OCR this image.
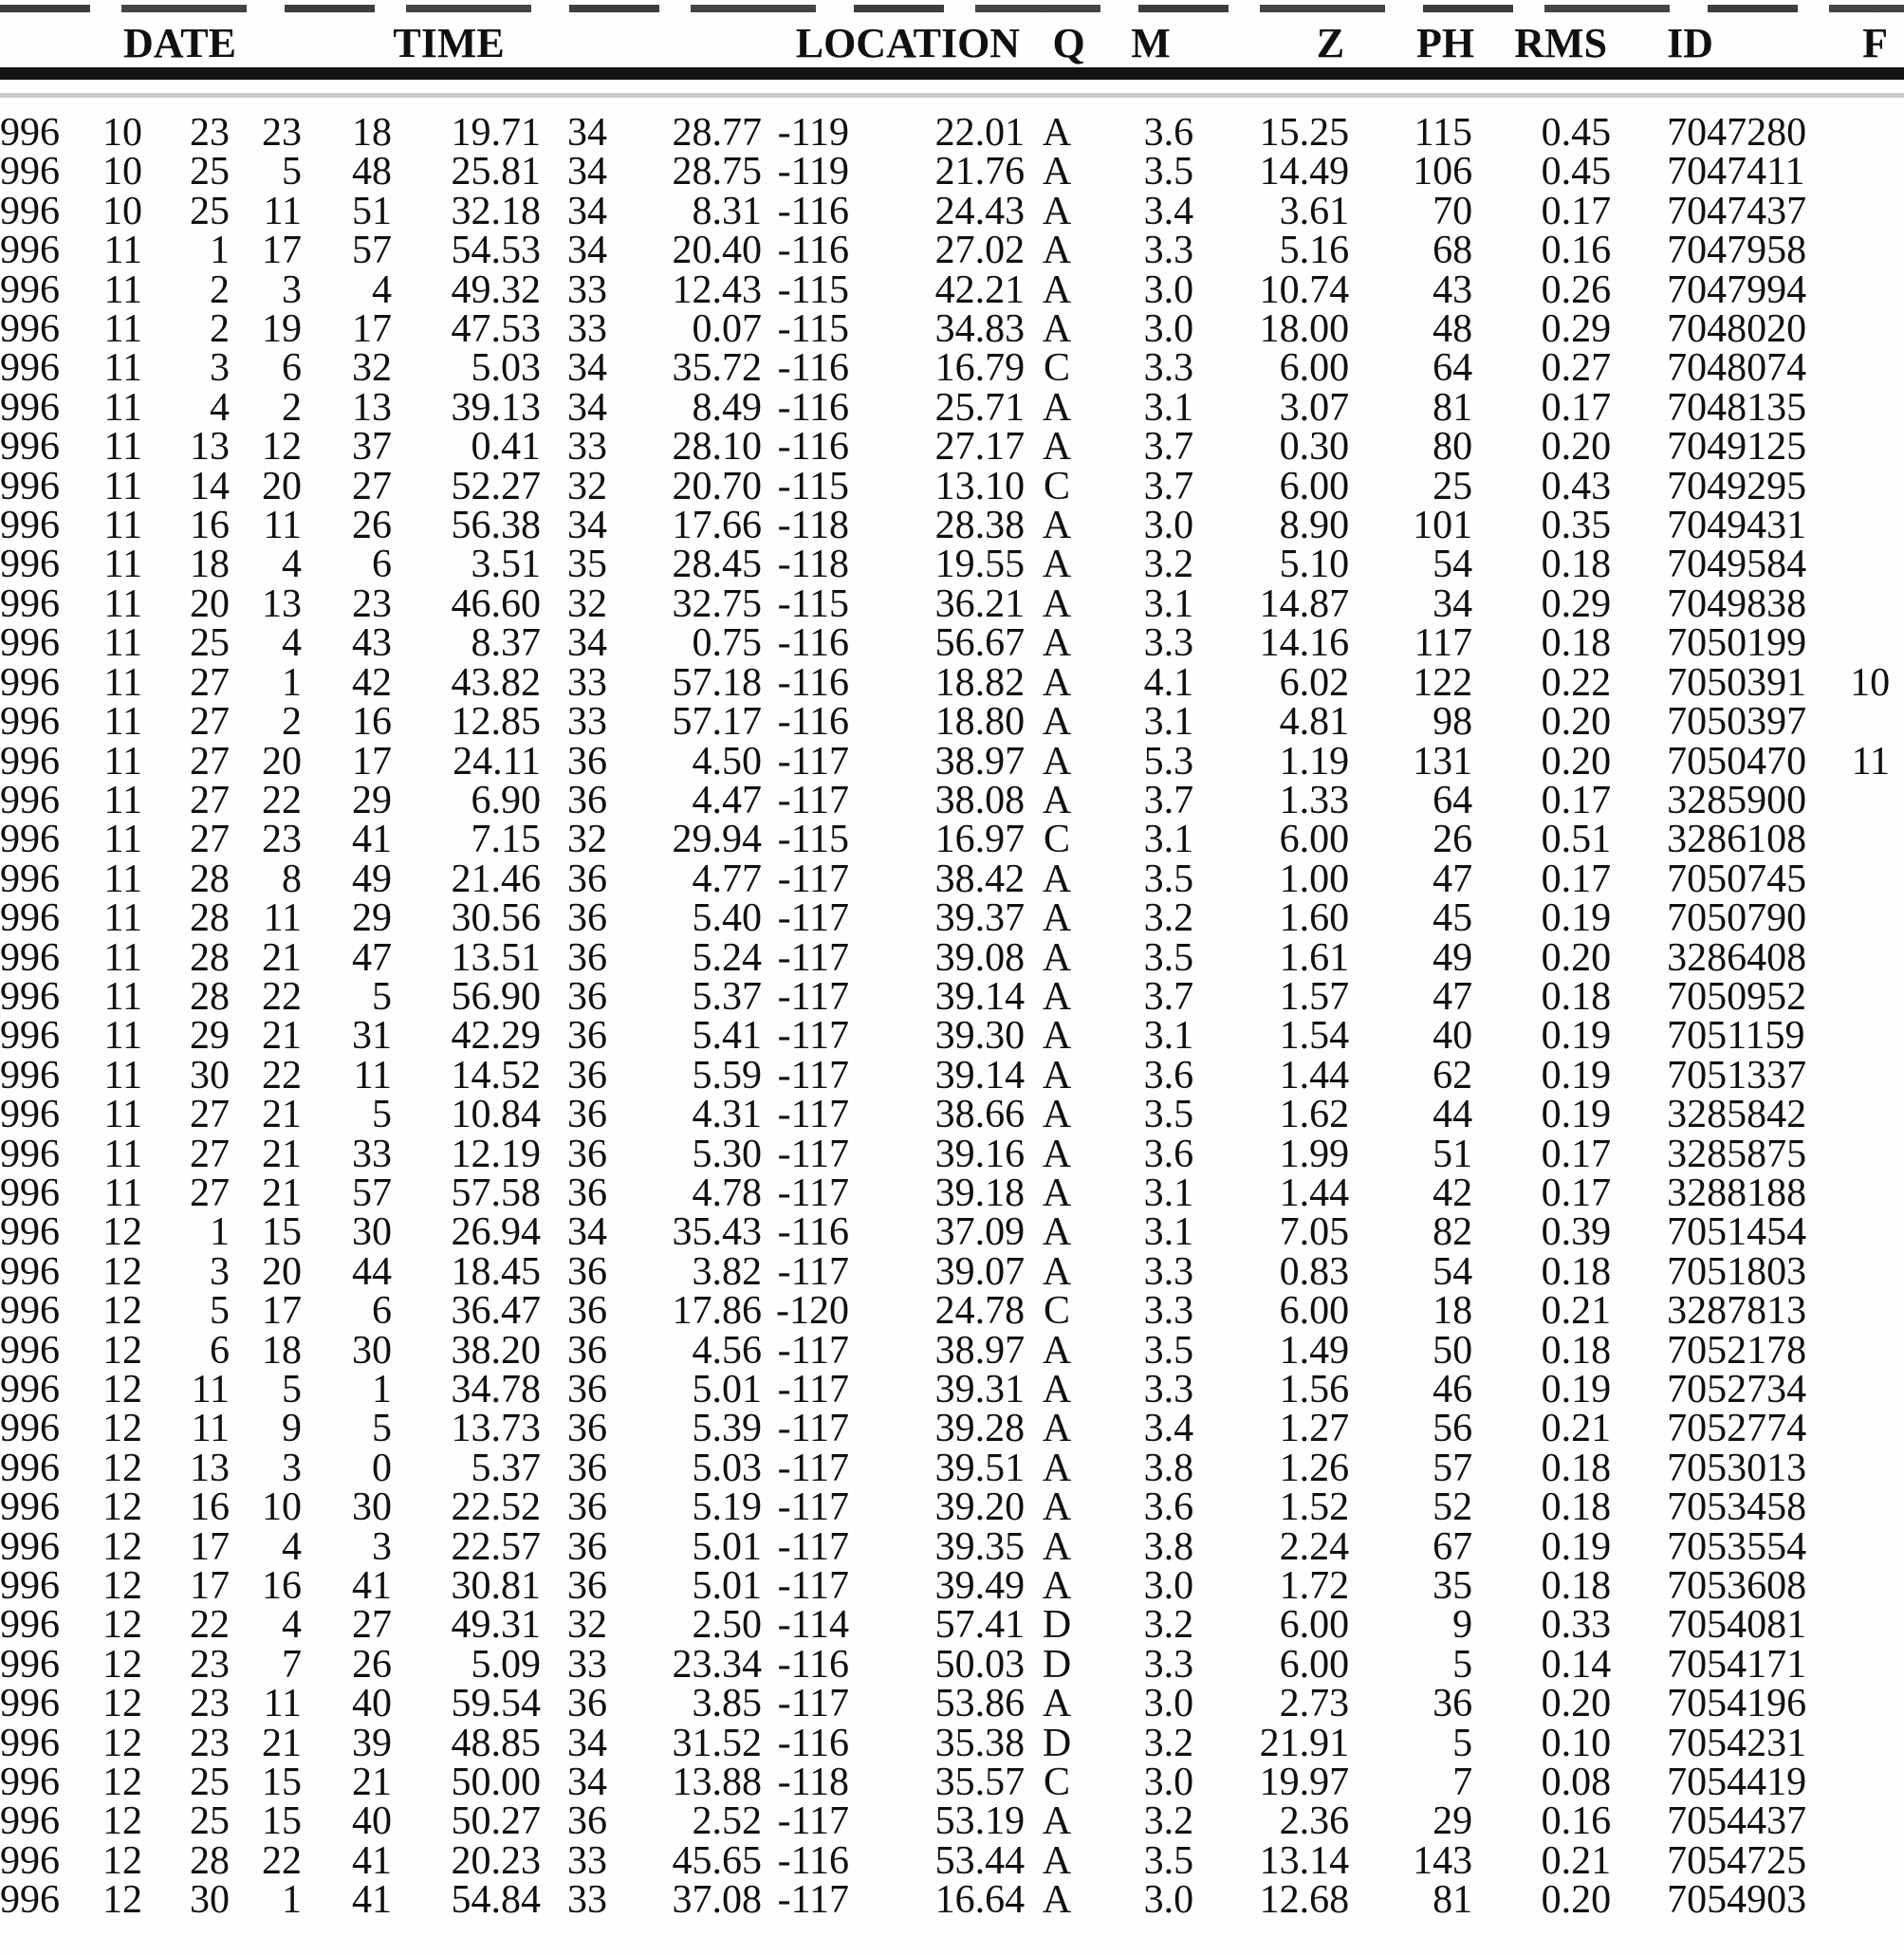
DATE			TIME			LOCATION				Q	M	Z	PH	RMS	ID	F
996	10	23	23	18	19.71	34	28.77	-119	22.01	A	3.6	15.25	115	0.45	7047280	
996	10	25	5	48	25.81	34	28.75	-119	21.76	A	3.5	14.49	106	0.45	7047411	
996	10	25	11	51	32.18	34	8.31	-116	24.43	A	3.4	3.61	70	0.17	7047437	
996	11	1	17	57	54.53	34	20.40	-116	27.02	A	3.3	5.16	68	0.16	7047958	
996	11	2	3	4	49.32	33	12.43	-115	42.21	A	3.0	10.74	43	0.26	7047994	
996	11	2	19	17	47.53	33	0.07	-115	34.83	A	3.0	18.00	48	0.29	7048020	
996	11	3	6	32	5.03	34	35.72	-116	16.79	C	3.3	6.00	64	0.27	7048074	
996	11	4	2	13	39.13	34	8.49	-116	25.71	A	3.1	3.07	81	0.17	7048135	
996	11	13	12	37	0.41	33	28.10	-116	27.17	A	3.7	0.30	80	0.20	7049125	
996	11	14	20	27	52.27	32	20.70	-115	13.10	C	3.7	6.00	25	0.43	7049295	
996	11	16	11	26	56.38	34	17.66	-118	28.38	A	3.0	8.90	101	0.35	7049431	
996	11	18	4	6	3.51	35	28.45	-118	19.55	A	3.2	5.10	54	0.18	7049584	
996	11	20	13	23	46.60	32	32.75	-115	36.21	A	3.1	14.87	34	0.29	7049838	
996	11	25	4	43	8.37	34	0.75	-116	56.67	A	3.3	14.16	117	0.18	7050199	
996	11	27	1	42	43.82	33	57.18	-116	18.82	A	4.1	6.02	122	0.22	7050391	10
996	11	27	2	16	12.85	33	57.17	-116	18.80	A	3.1	4.81	98	0.20	7050397	
996	11	27	20	17	24.11	36	4.50	-117	38.97	A	5.3	1.19	131	0.20	7050470	11
996	11	27	22	29	6.90	36	4.47	-117	38.08	A	3.7	1.33	64	0.17	3285900	
996	11	27	23	41	7.15	32	29.94	-115	16.97	C	3.1	6.00	26	0.51	3286108	
996	11	28	8	49	21.46	36	4.77	-117	38.42	A	3.5	1.00	47	0.17	7050745	
996	11	28	11	29	30.56	36	5.40	-117	39.37	A	3.2	1.60	45	0.19	7050790	
996	11	28	21	47	13.51	36	5.24	-117	39.08	A	3.5	1.61	49	0.20	3286408	
996	11	28	22	5	56.90	36	5.37	-117	39.14	A	3.7	1.57	47	0.18	7050952	
996	11	29	21	31	42.29	36	5.41	-117	39.30	A	3.1	1.54	40	0.19	7051159	
996	11	30	22	11	14.52	36	5.59	-117	39.14	A	3.6	1.44	62	0.19	7051337	
996	11	27	21	5	10.84	36	4.31	-117	38.66	A	3.5	1.62	44	0.19	3285842	
996	11	27	21	33	12.19	36	5.30	-117	39.16	A	3.6	1.99	51	0.17	3285875	
996	11	27	21	57	57.58	36	4.78	-117	39.18	A	3.1	1.44	42	0.17	3288188	
996	12	1	15	30	26.94	34	35.43	-116	37.09	A	3.1	7.05	82	0.39	7051454	
996	12	3	20	44	18.45	36	3.82	-117	39.07	A	3.3	0.83	54	0.18	7051803	
996	12	5	17	6	36.47	36	17.86	-120	24.78	C	3.3	6.00	18	0.21	3287813	
996	12	6	18	30	38.20	36	4.56	-117	38.97	A	3.5	1.49	50	0.18	7052178	
996	12	11	5	1	34.78	36	5.01	-117	39.31	A	3.3	1.56	46	0.19	7052734	
996	12	11	9	5	13.73	36	5.39	-117	39.28	A	3.4	1.27	56	0.21	7052774	
996	12	13	3	0	5.37	36	5.03	-117	39.51	A	3.8	1.26	57	0.18	7053013	
996	12	16	10	30	22.52	36	5.19	-117	39.20	A	3.6	1.52	52	0.18	7053458	
996	12	17	4	3	22.57	36	5.01	-117	39.35	A	3.8	2.24	67	0.19	7053554	
996	12	17	16	41	30.81	36	5.01	-117	39.49	A	3.0	1.72	35	0.18	7053608	
996	12	22	4	27	49.31	32	2.50	-114	57.41	D	3.2	6.00	9	0.33	7054081	
996	12	23	7	26	5.09	33	23.34	-116	50.03	D	3.3	6.00	5	0.14	7054171	
996	12	23	11	40	59.54	36	3.85	-117	53.86	A	3.0	2.73	36	0.20	7054196	
996	12	23	21	39	48.85	34	31.52	-116	35.38	D	3.2	21.91	5	0.10	7054231	
996	12	25	15	21	50.00	34	13.88	-118	35.57	C	3.0	19.97	7	0.08	7054419	
996	12	25	15	40	50.27	36	2.52	-117	53.19	A	3.2	2.36	29	0.16	7054437	
996	12	28	22	41	20.23	33	45.65	-116	53.44	A	3.5	13.14	143	0.21	7054725	
996	12	30	1	41	54.84	33	37.08	-117	16.64	A	3.0	12.68	81	0.20	7054903	
